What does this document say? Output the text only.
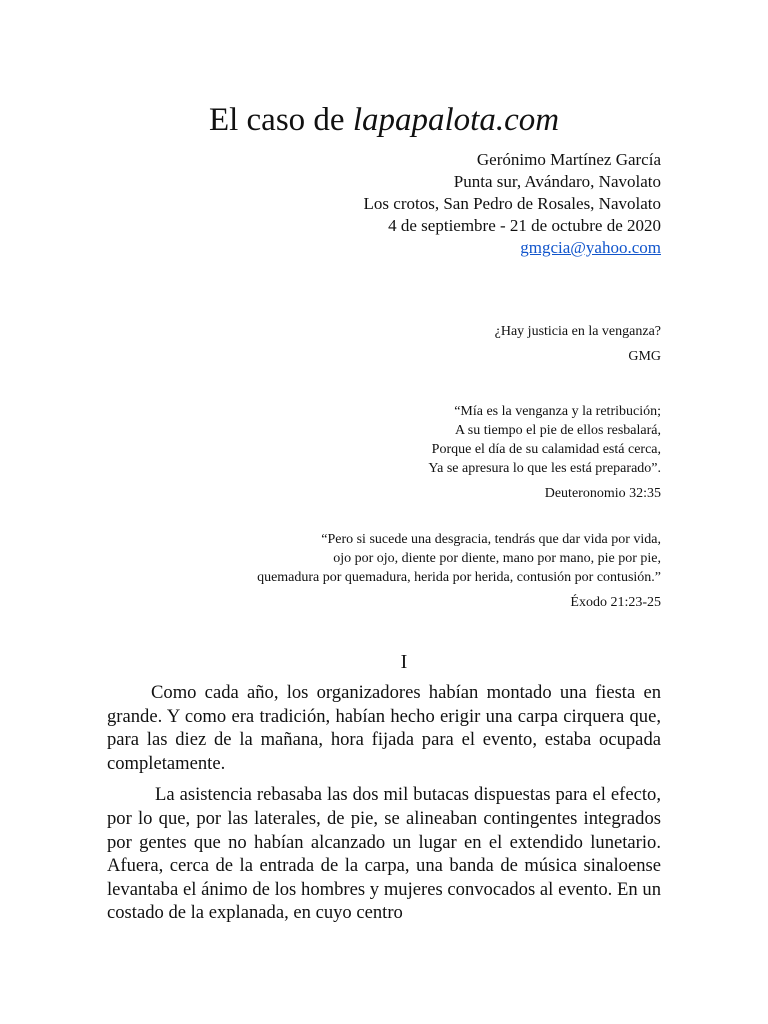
El caso de lapapalota.com
Gerónimo Martínez García
Punta sur, Avándaro, Navolato
Los crotos, San Pedro de Rosales, Navolato
4 de septiembre - 21 de octubre de 2020
gmgcia@yahoo.com

¿Hay justicia en la venganza?

GMG

“Mía es la venganza y la retribución;

A su tiempo el pie de ellos resbalará,

Porque el día de su calamidad está cerca,

Ya se apresura lo que les está preparado”.

Deuteronomio 32:35

“Pero si sucede una desgracia, tendrás que dar vida por vida,

ojo por ojo, diente por diente, mano por mano, pie por pie,

quemadura por quemadura, herida por herida, contusión por contusión.”

Éxodo 21:23-25

I

Como cada año, los organizadores habían montado una fiesta en grande. Y como era tradición, habían hecho erigir una carpa cirquera que, para las diez de la mañana, hora fijada para el evento, estaba ocupada completamente.

La asistencia rebasaba las dos mil butacas dispuestas para el efecto, por lo que, por las laterales, de pie, se alineaban contingentes integrados por gentes que no habían alcanzado un lugar en el extendido lunetario. Afuera, cerca de la entrada de la carpa, una banda de música sinaloense levantaba el ánimo de los hombres y mujeres convocados al evento. En un costado de la explanada, en cuyo centro
